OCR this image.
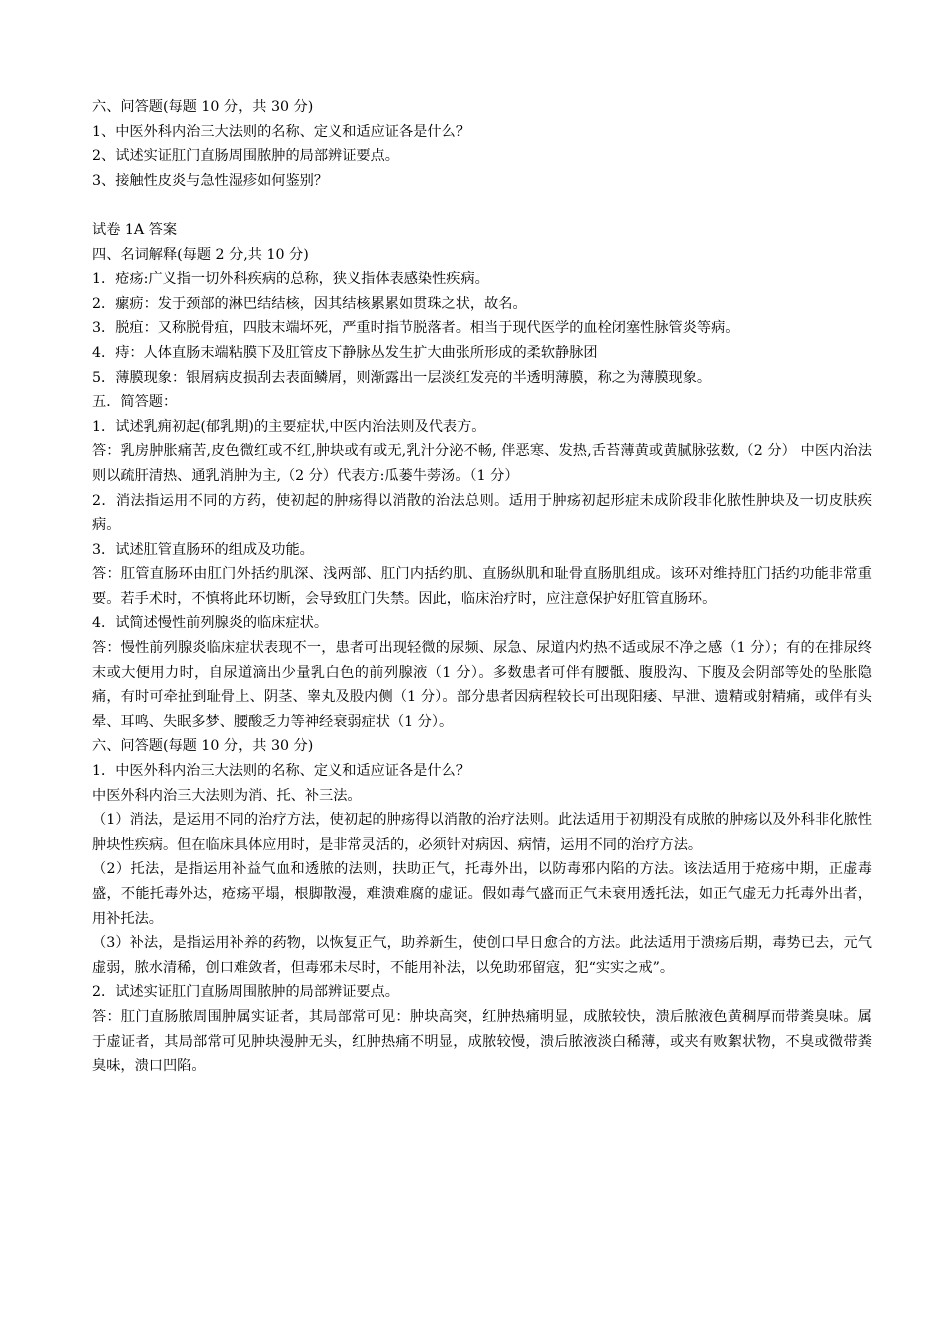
六、问答题(每题 10 分，共 30 分)

1、中医外科内治三大法则的名称、定义和适应证各是什么？

2、试述实证肛门直肠周围脓肿的局部辨证要点。

3、接触性皮炎与急性湿疹如何鉴别？

试卷 1A 答案

四、名词解释(每题 2 分,共 10 分)

1．疮疡:广义指一切外科疾病的总称，狭义指体表感染性疾病。

2．瘰疬：发于颈部的淋巴结结核，因其结核累累如贯珠之状，故名。

3．脱疽：又称脱骨疽，四肢末端坏死，严重时指节脱落者。相当于现代医学的血栓闭塞性脉管炎等病。

4．痔：人体直肠末端粘膜下及肛管皮下静脉丛发生扩大曲张所形成的柔软静脉团

5．薄膜现象：银屑病皮损刮去表面鳞屑，则渐露出一层淡红发亮的半透明薄膜，称之为薄膜现象。

五．简答题：

1．试述乳痈初起(郁乳期)的主要症状,中医内治法则及代表方。

答：乳房肿胀痛苦,皮色微红或不红,肿块或有或无,乳汁分泌不畅, 伴恶寒、发热,舌苔薄黄或黄腻脉弦数,（2 分） 中医内治法则以疏肝清热、通乳消肿为主,（2 分）代表方:瓜蒌牛蒡汤。（1 分）

2．消法指运用不同的方药，使初起的肿疡得以消散的治法总则。适用于肿疡初起形症未成阶段非化脓性肿块及一切皮肤疾病。

3．试述肛管直肠环的组成及功能。

答：肛管直肠环由肛门外括约肌深、浅两部、肛门内括约肌、直肠纵肌和耻骨直肠肌组成。该环对维持肛门括约功能非常重要。若手术时，不慎将此环切断，会导致肛门失禁。因此，临床治疗时，应注意保护好肛管直肠环。

4．试简述慢性前列腺炎的临床症状。

答：慢性前列腺炎临床症状表现不一，患者可出现轻微的尿频、尿急、尿道内灼热不适或尿不净之感（1 分）；有的在排尿终末或大便用力时，自尿道滴出少量乳白色的前列腺液（1 分）。多数患者可伴有腰骶、腹股沟、下腹及会阴部等处的坠胀隐痛，有时可牵扯到耻骨上、阴茎、睾丸及股内侧（1 分）。部分患者因病程较长可出现阳痿、早泄、遗精或射精痛，或伴有头晕、耳鸣、失眠多梦、腰酸乏力等神经衰弱症状（1 分）。

六、问答题(每题 10 分，共 30 分)

1．中医外科内治三大法则的名称、定义和适应证各是什么？

中医外科内治三大法则为消、托、补三法。

（1）消法，是运用不同的治疗方法，使初起的肿疡得以消散的治疗法则。此法适用于初期没有成脓的肿疡以及外科非化脓性肿块性疾病。但在临床具体应用时，是非常灵活的，必须针对病因、病情，运用不同的治疗方法。

（2）托法，是指运用补益气血和透脓的法则，扶助正气，托毒外出，以防毒邪内陷的方法。该法适用于疮疡中期，正虚毒盛，不能托毒外达，疮疡平塌，根脚散漫，难溃难腐的虚证。假如毒气盛而正气未衰用透托法，如正气虚无力托毒外出者，用补托法。

（3）补法，是指运用补养的药物，以恢复正气，助养新生，使创口早日愈合的方法。此法适用于溃疡后期，毒势已去，元气虚弱，脓水清稀，创口难敛者，但毒邪未尽时，不能用补法，以免助邪留寇，犯“实实之戒”。

2．试述实证肛门直肠周围脓肿的局部辨证要点。

答：肛门直肠脓周围肿属实证者，其局部常可见：肿块高突，红肿热痛明显，成脓较快，溃后脓液色黄稠厚而带粪臭味。属于虚证者，其局部常可见肿块漫肿无头，红肿热痛不明显，成脓较慢，溃后脓液淡白稀薄，或夹有败絮状物，不臭或微带粪臭味，溃口凹陷。
